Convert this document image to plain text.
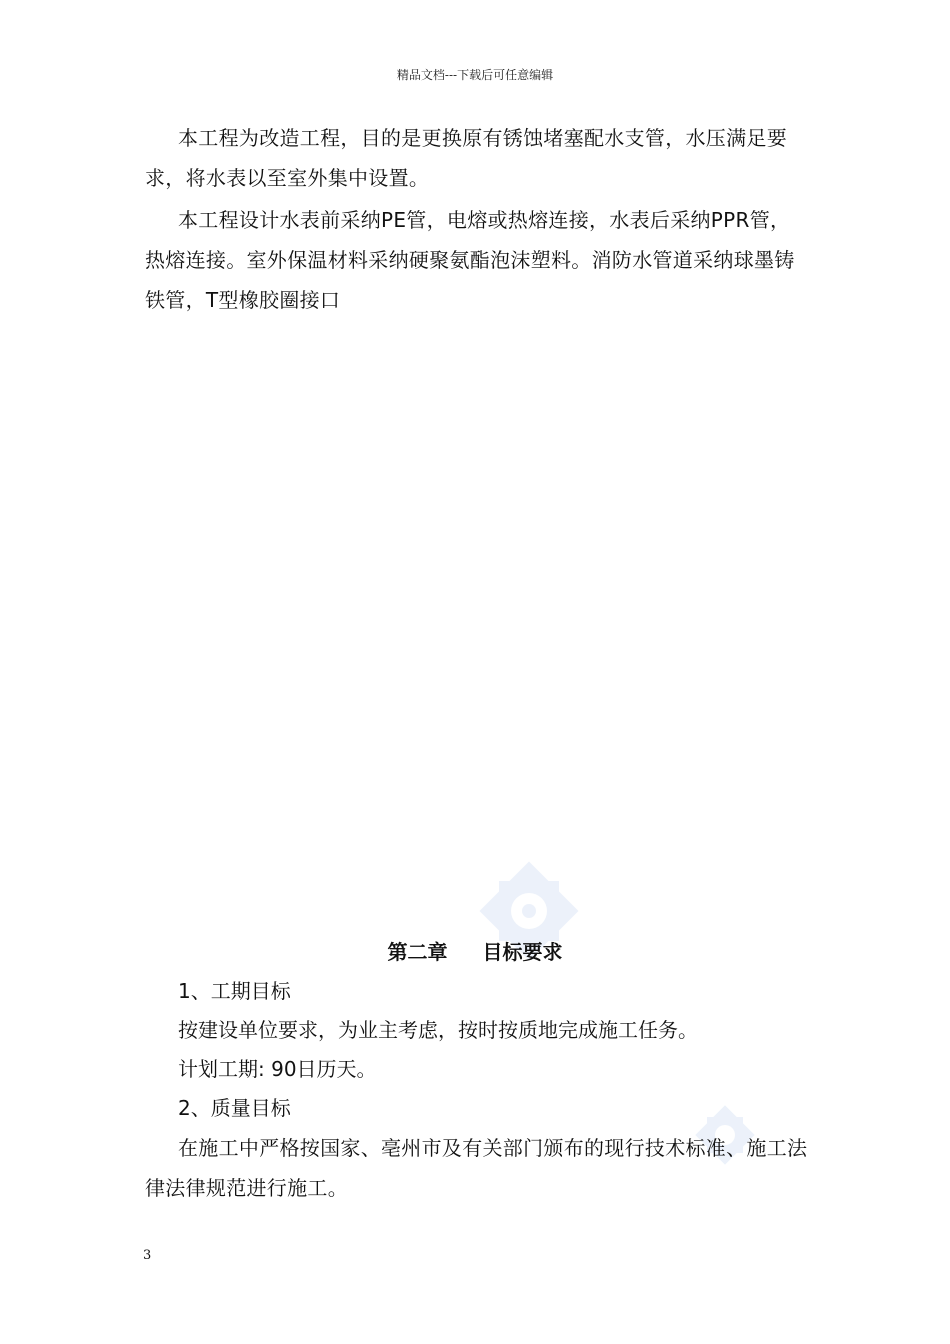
精品文档---下载后可任意编辑

本工程为改造工程，目的是更换原有锈蚀堵塞配水支管，水压满足要求，将水表以至室外集中设置。

本工程设计水表前采纳PE管，电熔或热熔连接，水表后采纳PPR管，热熔连接。室外保温材料采纳硬聚氨酯泡沫塑料。消防水管道采纳球墨铸铁管，T型橡胶圈接口

第二章 目标要求

1、工期目标

按建设单位要求，为业主考虑，按时按质地完成施工任务。

计划工期: 90日历天。

2、质量目标

在施工中严格按国家、亳州市及有关部门颁布的现行技术标准、施工法律法律规范进行施工。

3
